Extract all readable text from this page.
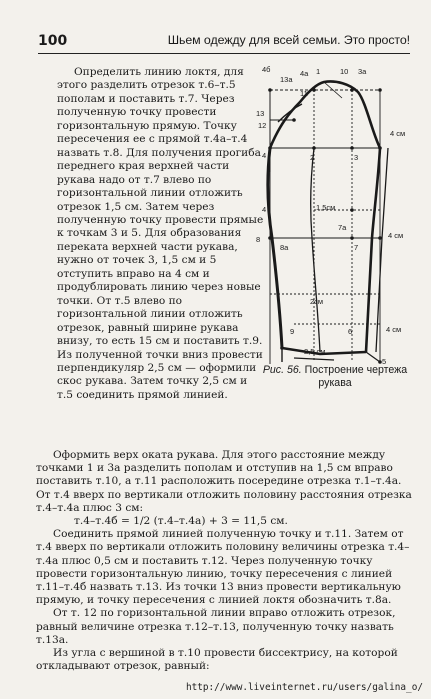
100	Шьем одежду для всей семьи. Это просто!

Определить линию локтя, для этого разделить отрезок т.6–т.5 пополам и поставить т.7. Через полученную точку провести горизонтальную прямую. Точку пересечения ее с прямой т.4а–т.4 назвать т.8. Для получения прогиба переднего края верхней части рукава надо от т.7 влево по горизонтальной линии отложить отрезок 1,5 см. Затем через полученную точку провести прямые к точкам 3 и 5. Для образования переката верхней части рукава, нужно от точек 3, 1,5 см и 5 отступить вправо на 4 см и продублировать линию через новые точки. От т.5 влево по горизонтальной линии отложить отрезок, равный ширине рукава внизу, то есть 15 см и поставить т.9. Из полученной точки вниз провести перпендикуляр 2,5 см — оформили скос рукава. Затем точку 2,5 см и т.5 соединить прямой линией.

4б
13а
4а
11
1	10 3а
13
12
4
4 см
4
2	3
1,5см
7а
8
8а	7
4 см
2см
9	6
5
2,5 см
4 см
Рис. 56. Построение чертежа рукава

Оформить верх оката рукава. Для этого расстояние между точками 1 и 3а разделить пополам и отступив на 1,5 см вправо поставить т.10, а т.11 расположить посередине отрезка т.1–т.4а. От т.4 вверх по вертикали отложить половину расстояния отрезка т.4–т.4а плюс 3 см:

т.4–т.4б = 1/2 (т.4–т.4а) + 3 = 11,5 см.

Соединить прямой линией полученную точку и т.11. Затем от т.4 вверх по вертикали отложить половину величины отрезка т.4–т.4а плюс 0,5 см и поставить т.12. Через полученную точку провести горизонтальную линию, точку пересечения с линией т.11–т.4б назвать т.13. Из точки 13 вниз провести вертикальную прямую, и точку пересечения с линией локтя обозначить т.8а.

От т. 12 по горизонтальной линии вправо отложить отрезок, равный величине отрезка т.12–т.13, полученную точку назвать т.13а.

Из угла с вершиной в т.10 провести биссектрису, на которой откладывают отрезок, равный:

http://www.liveinternet.ru/users/galina_o/
